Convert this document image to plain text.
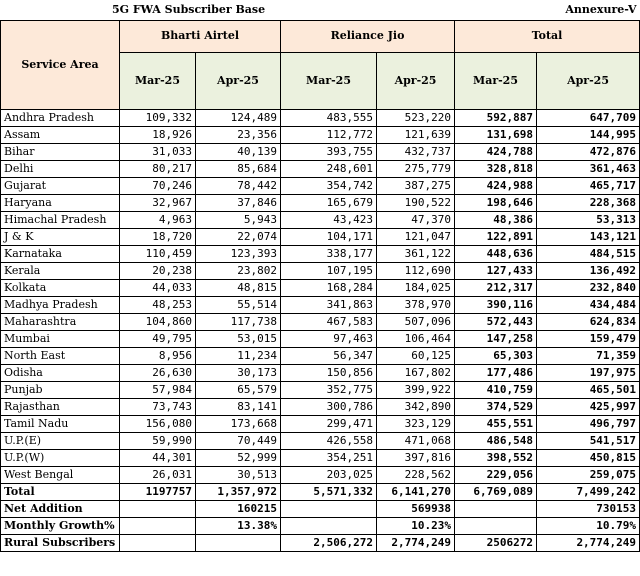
5G FWA Subscriber Base				Annexure-V		
Service Area	Bharti Airtel		Reliance Jio		Total	
	Mar-25	Apr-25	Mar-25	Apr-25	Mar-25	Apr-25
Andhra Pradesh	109,332	124,489	483,555	523,220	592,887	647,709
Assam	18,926	23,356	112,772	121,639	131,698	144,995
Bihar	31,033	40,139	393,755	432,737	424,788	472,876
Delhi	80,217	85,684	248,601	275,779	328,818	361,463
Gujarat	70,246	78,442	354,742	387,275	424,988	465,717
Haryana	32,967	37,846	165,679	190,522	198,646	228,368
Himachal Pradesh	4,963	5,943	43,423	47,370	48,386	53,313
J & K	18,720	22,074	104,171	121,047	122,891	143,121
Karnataka	110,459	123,393	338,177	361,122	448,636	484,515
Kerala	20,238	23,802	107,195	112,690	127,433	136,492
Kolkata	44,033	48,815	168,284	184,025	212,317	232,840
Madhya Pradesh	48,253	55,514	341,863	378,970	390,116	434,484
Maharashtra	104,860	117,738	467,583	507,096	572,443	624,834
Mumbai	49,795	53,015	97,463	106,464	147,258	159,479
North East	8,956	11,234	56,347	60,125	65,303	71,359
Odisha	26,630	30,173	150,856	167,802	177,486	197,975
Punjab	57,984	65,579	352,775	399,922	410,759	465,501
Rajasthan	73,743	83,141	300,786	342,890	374,529	425,997
Tamil Nadu	156,080	173,668	299,471	323,129	455,551	496,797
U.P.(E)	59,990	70,449	426,558	471,068	486,548	541,517
U.P.(W)	44,301	52,999	354,251	397,816	398,552	450,815
West Bengal	26,031	30,513	203,025	228,562	229,056	259,075
Total	1197757	1,357,972	5,571,332	6,141,270	6,769,089	7,499,242
Net Addition		160215		569938		730153
Monthly Growth%		13.38%		10.23%		10.79%
Rural Subscribers			2,506,272	2,774,249	2506272	2,774,249
